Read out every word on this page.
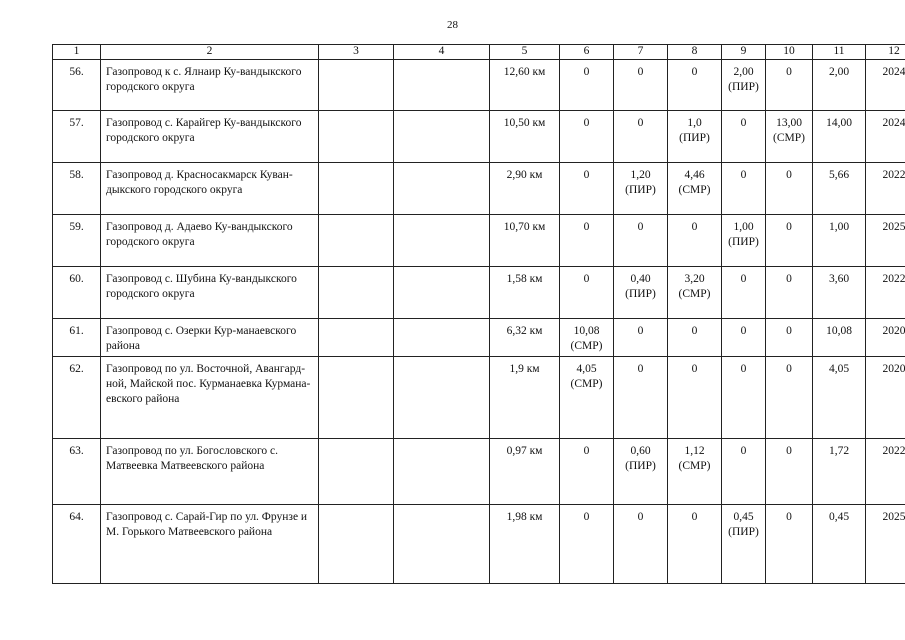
28
1	2	3	4	5	6	7	8	9	10	11	12
56.	Газопровод к с. Ялнаир Ку-вандыкского городского округа			12,60 км	0	0	0	2,00 (ПИР)	0	2,00	2024
57.	Газопровод с. Карайгер Ку-вандыкского городского округа			10,50 км	0	0	1,0 (ПИР)	0	13,00 (СМР)	14,00	2024
58.	Газопровод д. Красносакмарск Куван-дыкского городского округа			2,90 км	0	1,20 (ПИР)	4,46 (СМР)	0	0	5,66	2022
59.	Газопровод д. Адаево Ку-вандыкского городского округа			10,70 км	0	0	0	1,00 (ПИР)	0	1,00	2025
60.	Газопровод с. Шубина Ку-вандыкского городского округа			1,58 км	0	0,40 (ПИР)	3,20 (СМР)	0	0	3,60	2022
61.	Газопровод с. Озерки Кур-манаевского района			6,32 км	10,08 (СМР)	0	0	0	0	10,08	2020
62.	Газопровод по ул. Восточной, Авангард-ной, Майской пос. Курманаевка Курмана-евского района			1,9 км	4,05 (СМР)	0	0	0	0	4,05	2020
63.	Газопровод по ул. Богословского с. Матвеевка Матвеевского района			0,97 км	0	0,60 (ПИР)	1,12 (СМР)	0	0	1,72	2022
64.	Газопровод с. Сарай-Гир по ул. Фрунзе и М. Горького Матвеевского района			1,98 км	0	0	0	0,45 (ПИР)	0	0,45	2025
